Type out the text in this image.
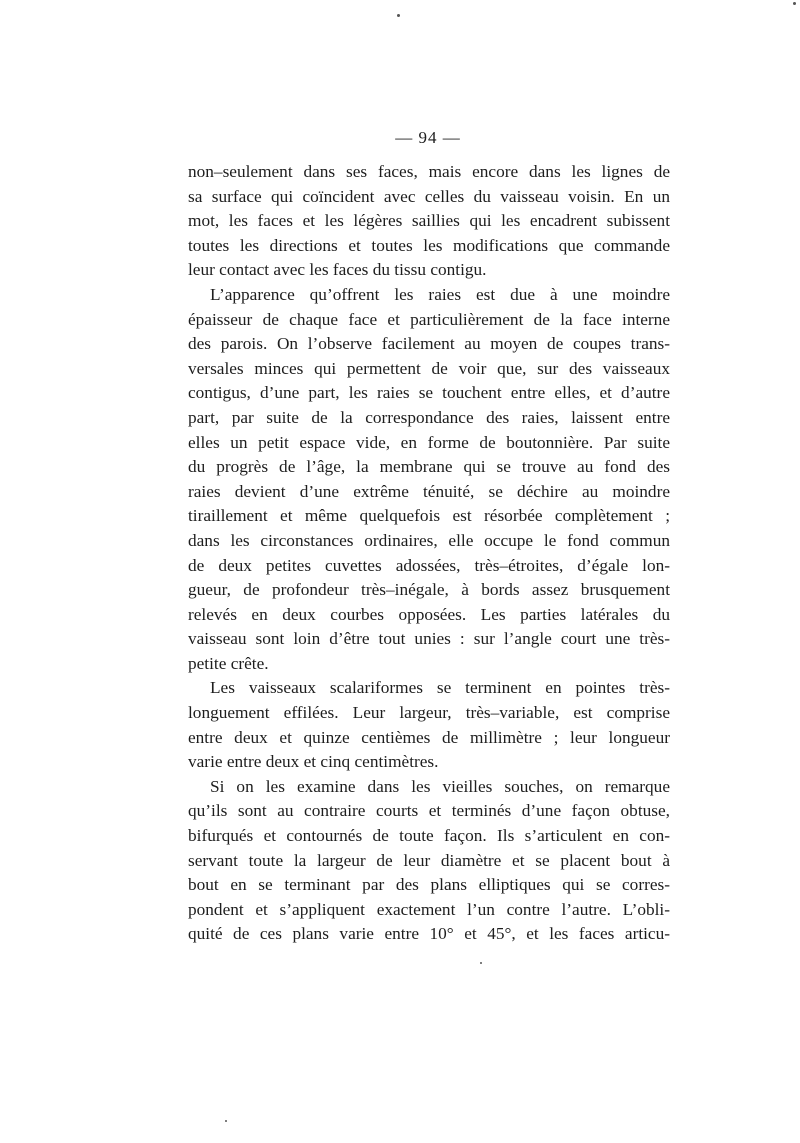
— 94 —
non–seulement dans ses faces, mais encore dans les lignes de
sa surface qui coïncident avec celles du vaisseau voisin. En un
mot, les faces et les légères saillies qui les encadrent subissent
toutes les directions et toutes les modifications que commande
leur contact avec les faces du tissu contigu.
L’apparence qu’offrent les raies est due à une moindre
épaisseur de chaque face et particulièrement de la face interne
des parois. On l’observe facilement au moyen de coupes trans-
versales minces qui permettent de voir que, sur des vaisseaux
contigus, d’une part, les raies se touchent entre elles, et d’autre
part, par suite de la correspondance des raies, laissent entre
elles un petit espace vide, en forme de boutonnière. Par suite
du progrès de l’âge, la membrane qui se trouve au fond des
raies devient d’une extrême ténuité, se déchire au moindre
tiraillement et même quelquefois est résorbée complètement ;
dans les circonstances ordinaires, elle occupe le fond commun
de deux petites cuvettes adossées, très–étroites, d’égale lon-
gueur, de profondeur très–inégale, à bords assez brusquement
relevés en deux courbes opposées. Les parties latérales du
vaisseau sont loin d’être tout unies : sur l’angle court une très-
petite crête.
Les vaisseaux scalariformes se terminent en pointes très-
longuement effilées. Leur largeur, très–variable, est comprise
entre deux et quinze centièmes de millimètre ; leur longueur
varie entre deux et cinq centimètres.
Si on les examine dans les vieilles souches, on remarque
qu’ils sont au contraire courts et terminés d’une façon obtuse,
bifurqués et contournés de toute façon. Ils s’articulent en con-
servant toute la largeur de leur diamètre et se placent bout à
bout en se terminant par des plans elliptiques qui se corres-
pondent et s’appliquent exactement l’un contre l’autre. L’obli-
quité de ces plans varie entre 10° et 45°, et les faces articu-
